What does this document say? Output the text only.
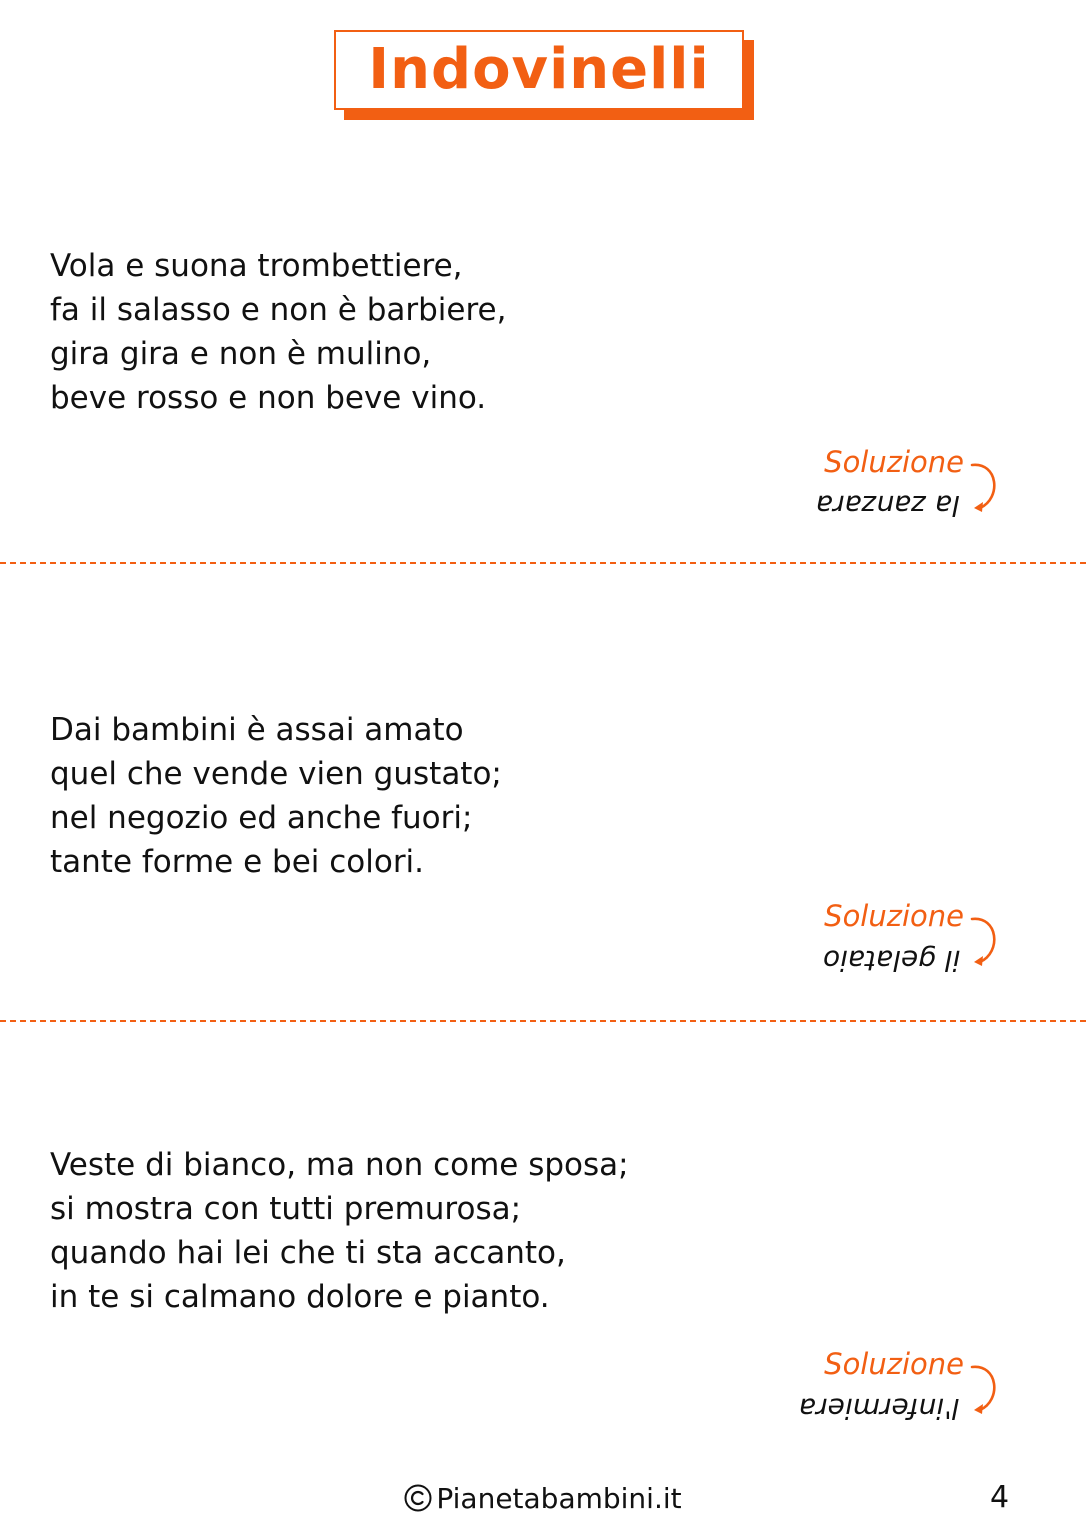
Indovinelli

Vola e suona trombettiere,
fa il salasso e non è barbiere,
gira gira e non è mulino,
beve rosso e non beve vino.

Soluzione
la zanzara

Dai bambini è assai amato
quel che vende vien gustato;
nel negozio ed anche fuori;
tante forme e bei colori.

Soluzione
il gelataio

Veste di bianco, ma non come sposa;
si mostra con tutti premurosa;
quando hai lei che ti sta accanto,
in te si calmano dolore e pianto.

Soluzione
l'infermiera
Pianetabambini.it	4
